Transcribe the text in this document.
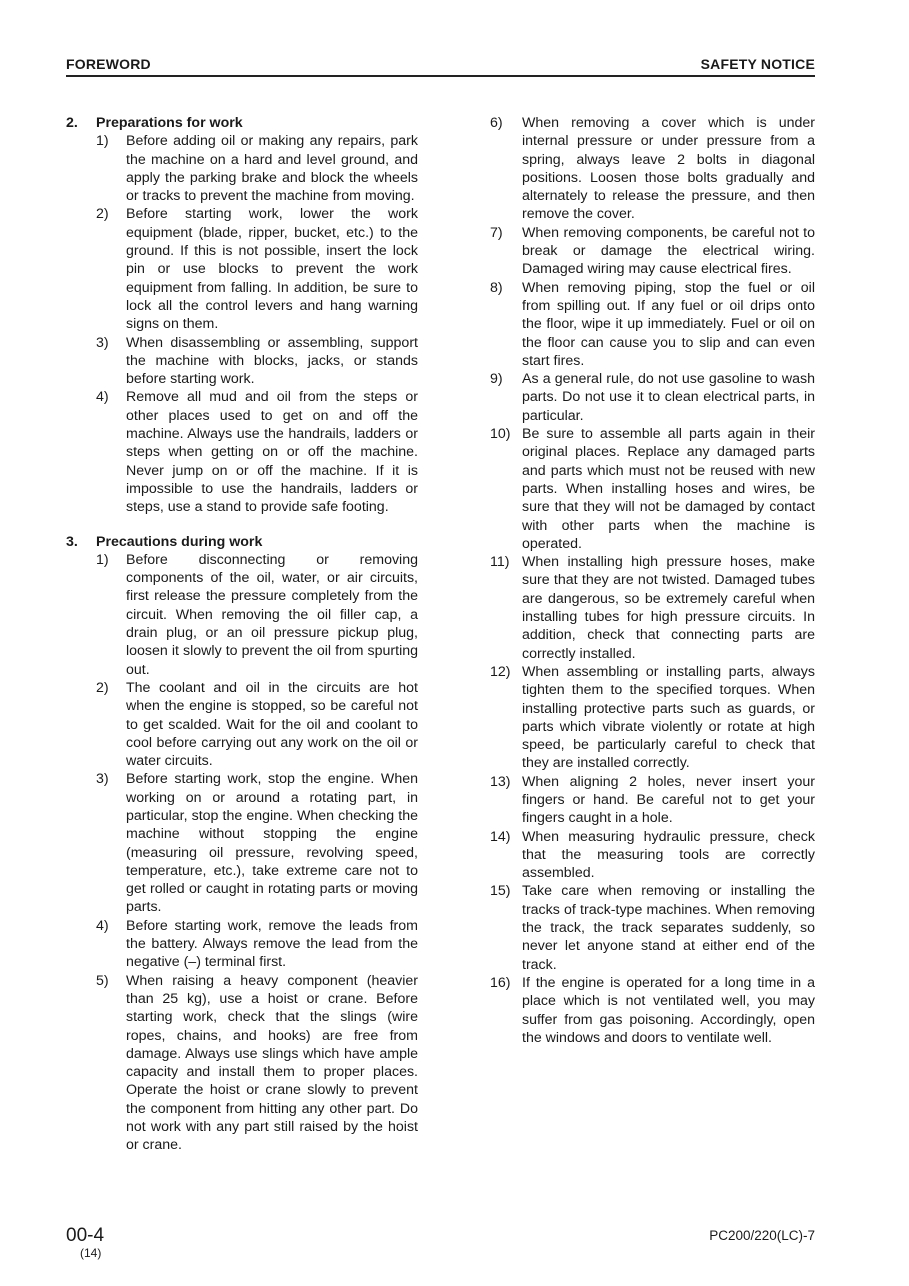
FOREWORD	SAFETY NOTICE
2.	Preparations for work
1)	Before adding oil or making any repairs, park the machine on a hard and level ground, and apply the parking brake and block the wheels or tracks to prevent the machine from moving.
2)	Before starting work, lower the work equipment (blade, ripper, bucket, etc.) to the ground. If this is not possible, insert the lock pin or use blocks to prevent the work equipment from falling. In addition, be sure to lock all the control levers and hang warning signs on them.
3)	When disassembling or assembling, support the machine with blocks, jacks, or stands before starting work.
4)	Remove all mud and oil from the steps or other places used to get on and off the machine. Always use the handrails, ladders or steps when getting on or off the machine. Never jump on or off the machine. If it is impossible to use the handrails, ladders or steps, use a stand to provide safe footing.
3.	Precautions during work
1)	Before disconnecting or removing components of the oil, water, or air circuits, first release the pressure completely from the circuit. When removing the oil filler cap, a drain plug, or an oil pressure pickup plug, loosen it slowly to prevent the oil from spurting out.
2)	The coolant and oil in the circuits are hot when the engine is stopped, so be careful not to get scalded. Wait for the oil and coolant to cool before carrying out any work on the oil or water circuits.
3)	Before starting work, stop the engine. When working on or around a rotating part, in particular, stop the engine. When checking the machine without stopping the engine (measuring oil pressure, revolving speed, temperature, etc.), take extreme care not to get rolled or caught in rotating parts or moving parts.
4)	Before starting work, remove the leads from the battery. Always remove the lead from the negative (–) terminal first.
5)	When raising a heavy component (heavier than 25 kg), use a hoist or crane. Before starting work, check that the slings (wire ropes, chains, and hooks) are free from damage. Always use slings which have ample capacity and install them to proper places. Operate the hoist or crane slowly to prevent the component from hitting any other part. Do not work with any part still raised by the hoist or crane.
6)	When removing a cover which is under internal pressure or under pressure from a spring, always leave 2 bolts in diagonal positions. Loosen those bolts gradually and alternately to release the pressure, and then remove the cover.
7)	When removing components, be careful not to break or damage the electrical wiring. Damaged wiring may cause electrical fires.
8)	When removing piping, stop the fuel or oil from spilling out. If any fuel or oil drips onto the floor, wipe it up immediately. Fuel or oil on the floor can cause you to slip and can even start fires.
9)	As a general rule, do not use gasoline to wash parts. Do not use it to clean electrical parts, in particular.
10) Be sure to assemble all parts again in their original places. Replace any damaged parts and parts which must not be reused with new parts. When installing hoses and wires, be sure that they will not be damaged by contact with other parts when the machine is operated.
11) When installing high pressure hoses, make sure that they are not twisted. Damaged tubes are dangerous, so be extremely careful when installing tubes for high pressure circuits. In addition, check that connecting parts are correctly installed.
12) When assembling or installing parts, always tighten them to the specified torques. When installing protective parts such as guards, or parts which vibrate violently or rotate at high speed, be particularly careful to check that they are installed correctly.
13) When aligning 2 holes, never insert your fingers or hand. Be careful not to get your fingers caught in a hole.
14) When measuring hydraulic pressure, check that the measuring tools are correctly assembled.
15) Take care when removing or installing the tracks of track-type machines. When removing the track, the track separates suddenly, so never let anyone stand at either end of the track.
16) If the engine is operated for a long time in a place which is not ventilated well, you may suffer from gas poisoning. Accordingly, open the windows and doors to ventilate well.
00-4
(14)
PC200/220(LC)-7
